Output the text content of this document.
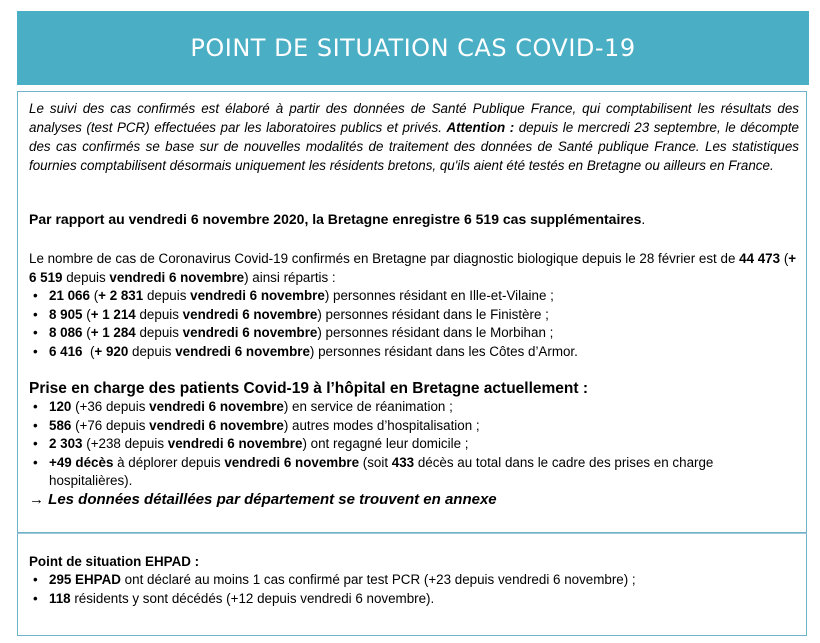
POINT DE SITUATION CAS COVID-19
Le suivi des cas confirmés est élaboré à partir des données de Santé Publique France, qui comptabilisent les résultats des analyses (test PCR) effectuées par les laboratoires publics et privés. Attention : depuis le mercredi 23 septembre, le décompte des cas confirmés se base sur de nouvelles modalités de traitement des données de Santé publique France. Les statistiques fournies comptabilisent désormais uniquement les résidents bretons, qu'ils aient été testés en Bretagne ou ailleurs en France.
Par rapport au vendredi 6 novembre 2020, la Bretagne enregistre 6 519 cas supplémentaires.
Le nombre de cas de Coronavirus Covid-19 confirmés en Bretagne par diagnostic biologique depuis le 28 février est de 44 473 (+ 6 519 depuis vendredi 6 novembre) ainsi répartis :
• 21 066 (+ 2 831 depuis vendredi 6 novembre) personnes résidant en Ille-et-Vilaine ;
• 8 905 (+ 1 214 depuis vendredi 6 novembre) personnes résidant dans le Finistère ;
• 8 086 (+ 1 284 depuis vendredi 6 novembre) personnes résidant dans le Morbihan ;
• 6 416  (+ 920 depuis vendredi 6 novembre) personnes résidant dans les Côtes d’Armor.
Prise en charge des patients Covid-19 à l’hôpital en Bretagne actuellement :
• 120 (+36 depuis vendredi 6 novembre) en service de réanimation ;
• 586 (+76 depuis vendredi 6 novembre) autres modes d’hospitalisation ;
• 2 303 (+238 depuis vendredi 6 novembre) ont regagné leur domicile ;
• +49 décès à déplorer depuis vendredi 6 novembre (soit 433 décès au total dans le cadre des prises en charge hospitalières).
→ Les données détaillées par département se trouvent en annexe
Point de situation EHPAD :
• 295 EHPAD ont déclaré au moins 1 cas confirmé par test PCR (+23 depuis vendredi 6 novembre) ;
• 118 résidents y sont décédés (+12 depuis vendredi 6 novembre).
